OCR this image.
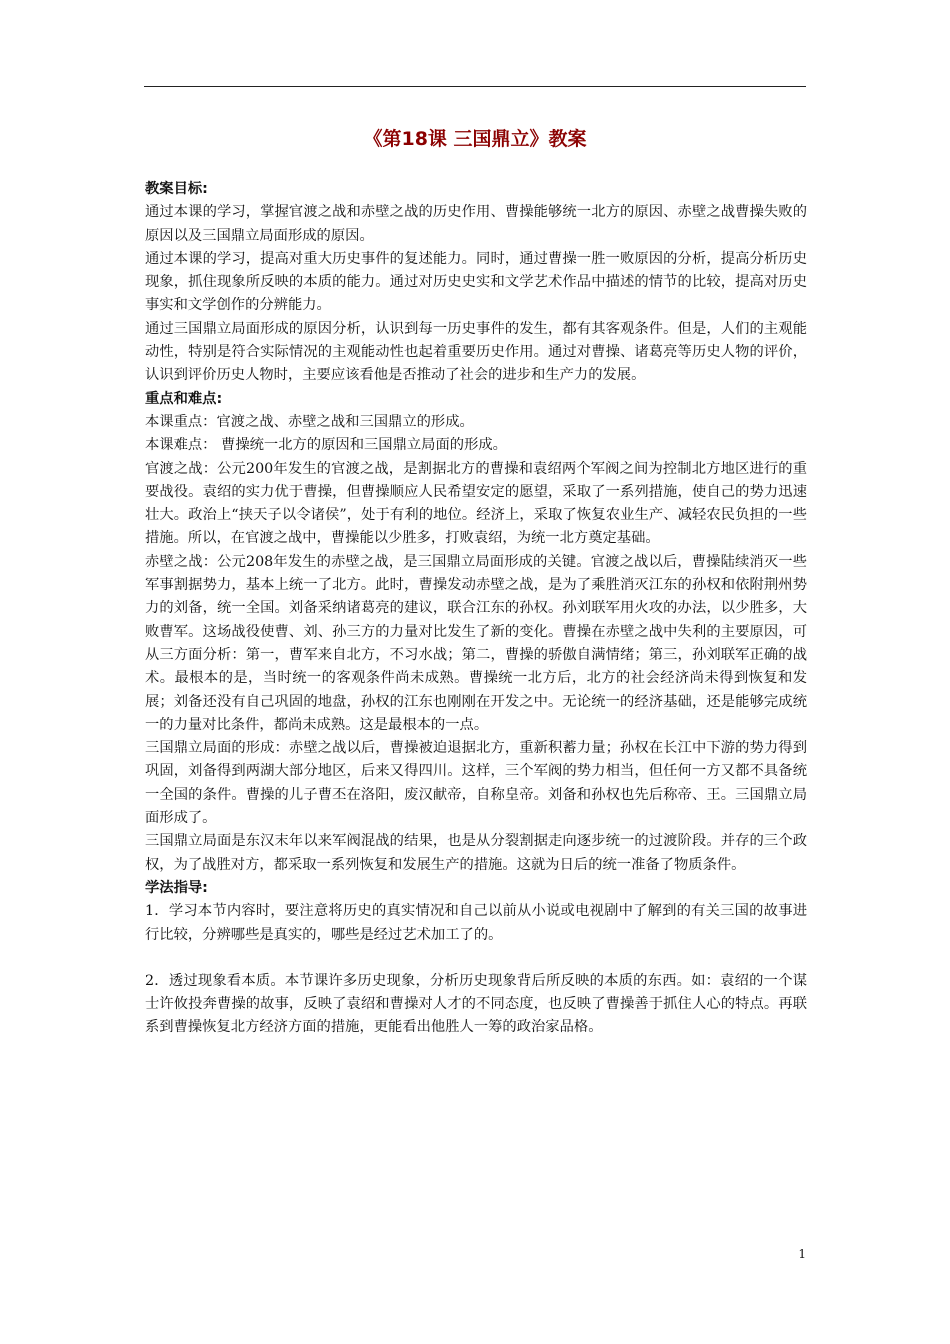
《第18课 三国鼎立》教案

教案目标:

通过本课的学习，掌握官渡之战和赤壁之战的历史作用、曹操能够统一北方的原因、赤壁之战曹操失败的原因以及三国鼎立局面形成的原因。

通过本课的学习，提高对重大历史事件的复述能力。同时，通过曹操一胜一败原因的分析，提高分析历史现象，抓住现象所反映的本质的能力。通过对历史史实和文学艺术作品中描述的情节的比较，提高对历史事实和文学创作的分辨能力。

通过三国鼎立局面形成的原因分析，认识到每一历史事件的发生，都有其客观条件。但是，人们的主观能动性，特别是符合实际情况的主观能动性也起着重要历史作用。通过对曹操、诸葛亮等历史人物的评价，认识到评价历史人物时，主要应该看他是否推动了社会的进步和生产力的发展。

重点和难点:

本课重点：官渡之战、赤壁之战和三国鼎立的形成。

本课难点： 曹操统一北方的原因和三国鼎立局面的形成。

官渡之战：公元200年发生的官渡之战，是割据北方的曹操和袁绍两个军阀之间为控制北方地区进行的重要战役。袁绍的实力优于曹操，但曹操顺应人民希望安定的愿望，采取了一系列措施，使自己的势力迅速壮大。政治上“挟天子以令诸侯”，处于有利的地位。经济上，采取了恢复农业生产、减轻农民负担的一些措施。所以，在官渡之战中，曹操能以少胜多，打败袁绍，为统一北方奠定基础。

赤壁之战：公元208年发生的赤壁之战，是三国鼎立局面形成的关键。官渡之战以后，曹操陆续消灭一些军事割据势力，基本上统一了北方。此时，曹操发动赤壁之战，是为了乘胜消灭江东的孙权和依附荆州势力的刘备，统一全国。刘备采纳诸葛亮的建议，联合江东的孙权。孙刘联军用火攻的办法，以少胜多，大败曹军。这场战役使曹、刘、孙三方的力量对比发生了新的变化。曹操在赤壁之战中失利的主要原因，可从三方面分析：第一，曹军来自北方，不习水战；第二，曹操的骄傲自满情绪；第三，孙刘联军正确的战术。最根本的是，当时统一的客观条件尚未成熟。曹操统一北方后，北方的社会经济尚未得到恢复和发展；刘备还没有自己巩固的地盘，孙权的江东也刚刚在开发之中。无论统一的经济基础，还是能够完成统一的力量对比条件，都尚未成熟。这是最根本的一点。

三国鼎立局面的形成：赤壁之战以后，曹操被迫退据北方，重新积蓄力量；孙权在长江中下游的势力得到巩固，刘备得到两湖大部分地区，后来又得四川。这样，三个军阀的势力相当，但任何一方又都不具备统一全国的条件。曹操的儿子曹丕在洛阳，废汉献帝，自称皇帝。刘备和孙权也先后称帝、王。三国鼎立局面形成了。

三国鼎立局面是东汉末年以来军阀混战的结果，也是从分裂割据走向逐步统一的过渡阶段。并存的三个政权，为了战胜对方，都采取一系列恢复和发展生产的措施。这就为日后的统一准备了物质条件。

学法指导:

1．学习本节内容时，要注意将历史的真实情况和自己以前从小说或电视剧中了解到的有关三国的故事进行比较，分辨哪些是真实的，哪些是经过艺术加工了的。

2．透过现象看本质。本节课许多历史现象，分析历史现象背后所反映的本质的东西。如：袁绍的一个谋士许攸投奔曹操的故事，反映了袁绍和曹操对人才的不同态度，也反映了曹操善于抓住人心的特点。再联系到曹操恢复北方经济方面的措施，更能看出他胜人一筹的政治家品格。

1
